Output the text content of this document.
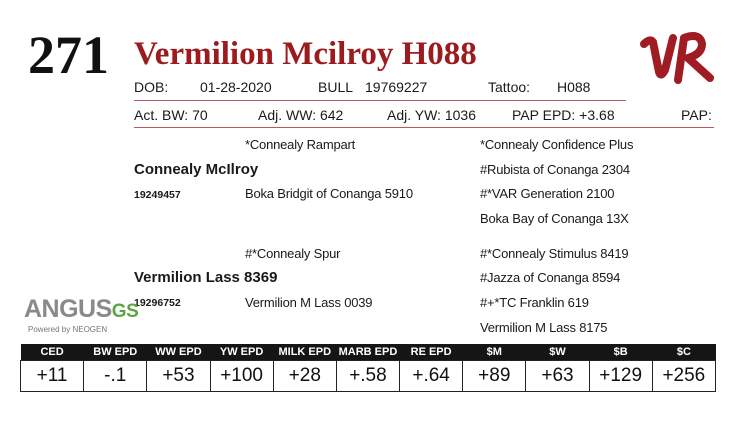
271 Vermilion Mcilroy H088
DOB: 01-28-2020	BULL 19769227	Tattoo: H088
Act. BW: 70	Adj. WW: 642	Adj. YW: 1036	PAP EPD: +3.68	PAP:
*Connealy Rampart	*Connealy Confidence Plus
Connealy McIlroy	#Rubista of Conanga 2304
19249457	Boka Bridgit of Conanga 5910	#*VAR Generation 2100
Boka Bay of Conanga 13X
#*Connealy Spur	#*Connealy Stimulus 8419
Vermilion Lass 8369	#Jazza of Conanga 8594
19296752	Vermilion M Lass 0039	#+*TC Franklin 619
Vermilion M Lass 8175
ANGUSGS
Powered by NEOGEN
CED	BW EPD	WW EPD	YW EPD	MILK EPD	MARB EPD	RE EPD	$M	$W	$B	$C
+11	-.1	+53	+100	+28	+.58	+.64	+89	+63	+129	+256
